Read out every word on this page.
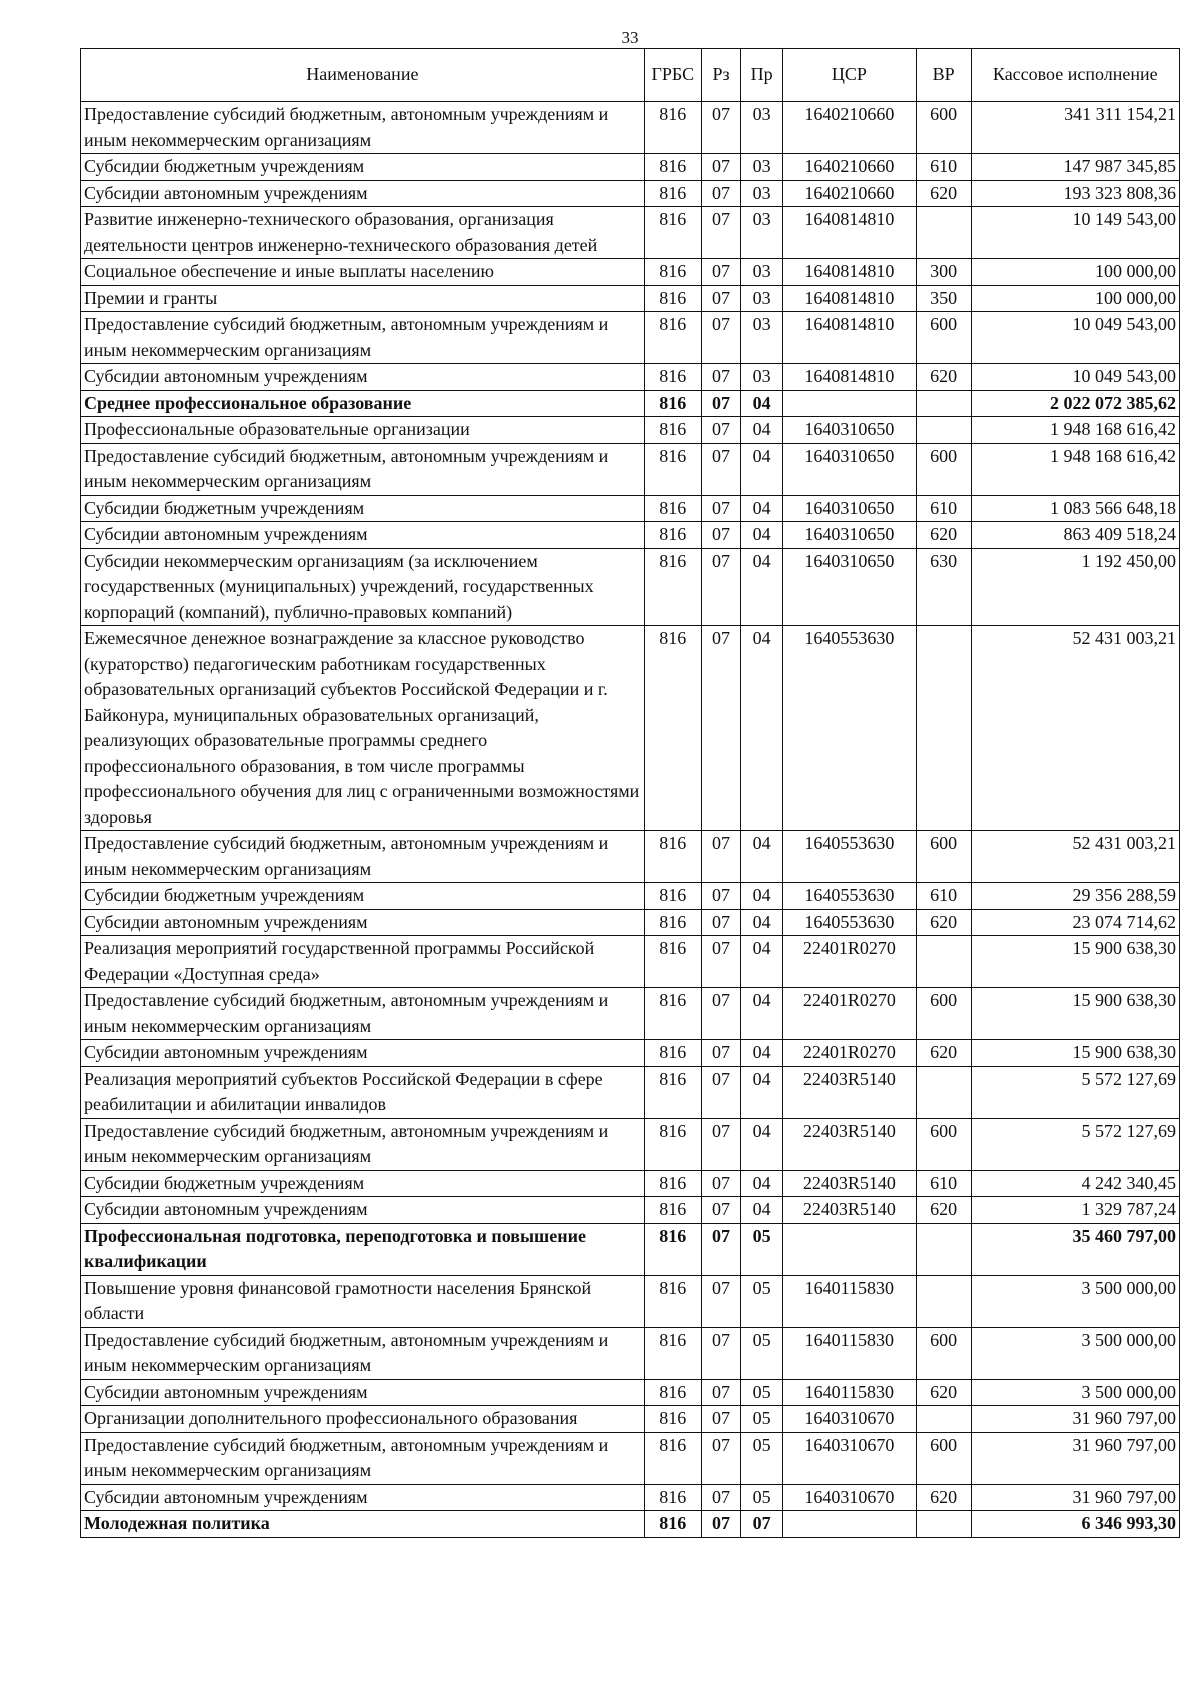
33
Наименование	ГРБС	Рз	Пр	ЦСР	ВР	Кассовое исполнение
Предоставление субсидий бюджетным, автономным учреждениям и иным некоммерческим организациям	816	07	03	1640210660	600	341 311 154,21
Субсидии бюджетным учреждениям	816	07	03	1640210660	610	147 987 345,85
Субсидии автономным учреждениям	816	07	03	1640210660	620	193 323 808,36
Развитие инженерно-технического образования, организация деятельности центров инженерно-технического образования детей	816	07	03	1640814810		10 149 543,00
Социальное обеспечение и иные выплаты населению	816	07	03	1640814810	300	100 000,00
Премии и гранты	816	07	03	1640814810	350	100 000,00
Предоставление субсидий бюджетным, автономным учреждениям и иным некоммерческим организациям	816	07	03	1640814810	600	10 049 543,00
Субсидии автономным учреждениям	816	07	03	1640814810	620	10 049 543,00
Среднее профессиональное образование	816	07	04			2 022 072 385,62
Профессиональные образовательные организации	816	07	04	1640310650		1 948 168 616,42
Предоставление субсидий бюджетным, автономным учреждениям и иным некоммерческим организациям	816	07	04	1640310650	600	1 948 168 616,42
Субсидии бюджетным учреждениям	816	07	04	1640310650	610	1 083 566 648,18
Субсидии автономным учреждениям	816	07	04	1640310650	620	863 409 518,24
Субсидии некоммерческим организациям (за исключением государственных (муниципальных) учреждений, государственных корпораций (компаний), публично-правовых компаний)	816	07	04	1640310650	630	1 192 450,00
Ежемесячное денежное вознаграждение за классное руководство (кураторство) педагогическим работникам государственных образовательных организаций субъектов Российской Федерации и г. Байконура, муниципальных образовательных организаций, реализующих образовательные программы среднего профессионального образования, в том числе программы профессионального обучения для лиц с ограниченными возможностями здоровья	816	07	04	1640553630		52 431 003,21
Предоставление субсидий бюджетным, автономным учреждениям и иным некоммерческим организациям	816	07	04	1640553630	600	52 431 003,21
Субсидии бюджетным учреждениям	816	07	04	1640553630	610	29 356 288,59
Субсидии автономным учреждениям	816	07	04	1640553630	620	23 074 714,62
Реализация мероприятий государственной программы Российской Федерации «Доступная среда»	816	07	04	22401R0270		15 900 638,30
Предоставление субсидий бюджетным, автономным учреждениям и иным некоммерческим организациям	816	07	04	22401R0270	600	15 900 638,30
Субсидии автономным учреждениям	816	07	04	22401R0270	620	15 900 638,30
Реализация мероприятий субъектов Российской Федерации в сфере реабилитации и абилитации инвалидов	816	07	04	22403R5140		5 572 127,69
Предоставление субсидий бюджетным, автономным учреждениям и иным некоммерческим организациям	816	07	04	22403R5140	600	5 572 127,69
Субсидии бюджетным учреждениям	816	07	04	22403R5140	610	4 242 340,45
Субсидии автономным учреждениям	816	07	04	22403R5140	620	1 329 787,24
Профессиональная подготовка, переподготовка и повышение квалификации	816	07	05			35 460 797,00
Повышение уровня финансовой грамотности населения Брянской области	816	07	05	1640115830		3 500 000,00
Предоставление субсидий бюджетным, автономным учреждениям и иным некоммерческим организациям	816	07	05	1640115830	600	3 500 000,00
Субсидии автономным учреждениям	816	07	05	1640115830	620	3 500 000,00
Организации дополнительного профессионального образования	816	07	05	1640310670		31 960 797,00
Предоставление субсидий бюджетным, автономным учреждениям и иным некоммерческим организациям	816	07	05	1640310670	600	31 960 797,00
Субсидии автономным учреждениям	816	07	05	1640310670	620	31 960 797,00
Молодежная политика	816	07	07			6 346 993,30
